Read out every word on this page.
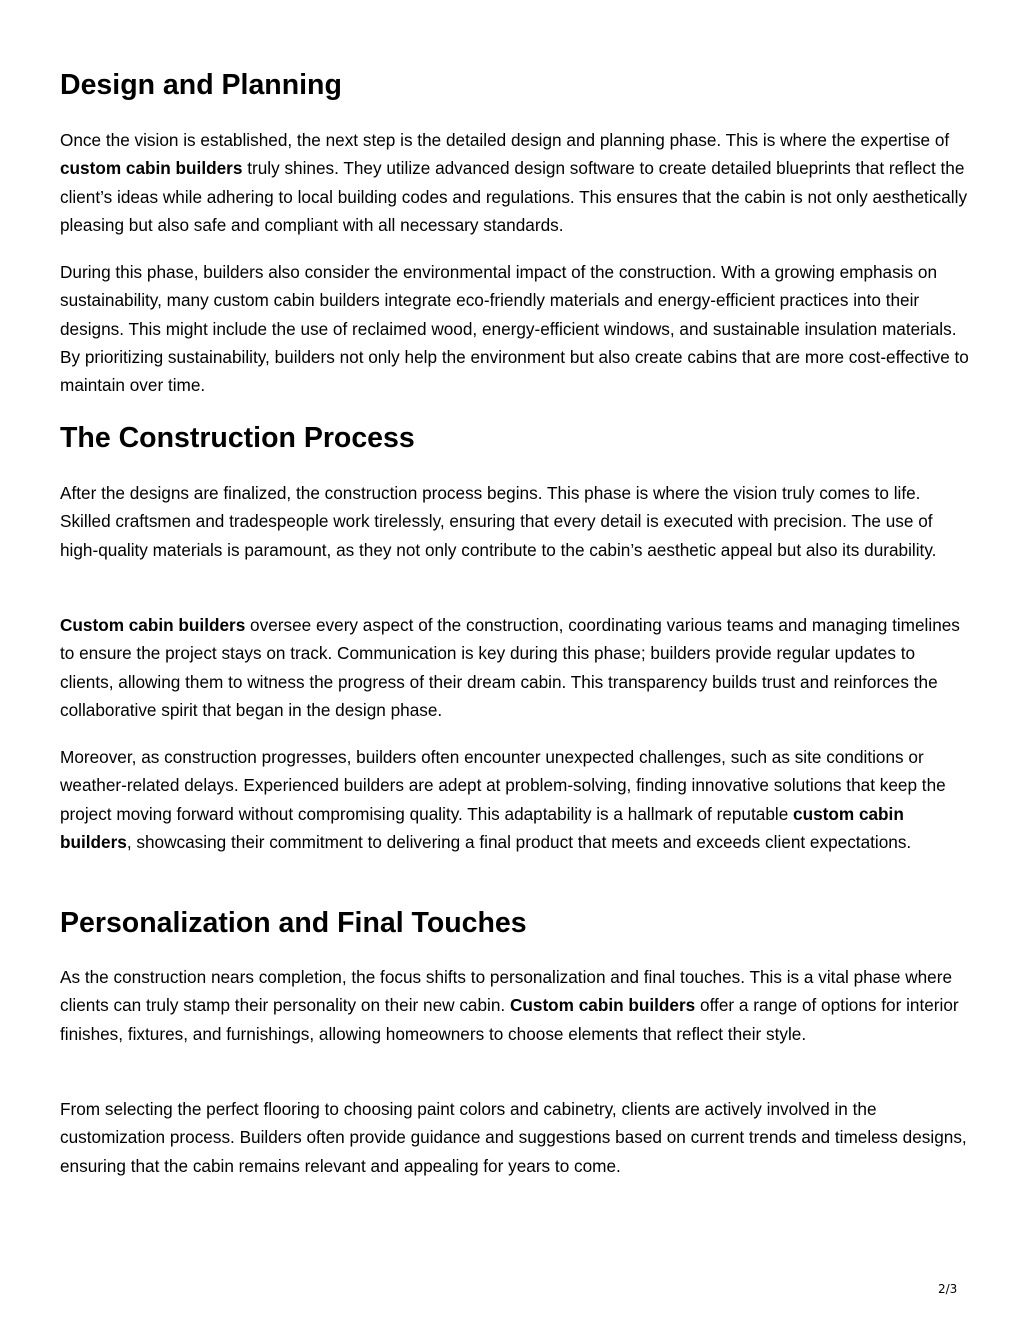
Design and Planning

Once the vision is established, the next step is the detailed design and planning phase. This is where the expertise of custom cabin builders truly shines. They utilize advanced design software to create detailed blueprints that reflect the client’s ideas while adhering to local building codes and regulations. This ensures that the cabin is not only aesthetically pleasing but also safe and compliant with all necessary standards.

During this phase, builders also consider the environmental impact of the construction. With a growing emphasis on sustainability, many custom cabin builders integrate eco-friendly materials and energy-efficient practices into their designs. This might include the use of reclaimed wood, energy-efficient windows, and sustainable insulation materials. By prioritizing sustainability, builders not only help the environment but also create cabins that are more cost-effective to maintain over time.

The Construction Process

After the designs are finalized, the construction process begins. This phase is where the vision truly comes to life. Skilled craftsmen and tradespeople work tirelessly, ensuring that every detail is executed with precision. The use of high-quality materials is paramount, as they not only contribute to the cabin’s aesthetic appeal but also its durability.

Custom cabin builders oversee every aspect of the construction, coordinating various teams and managing timelines to ensure the project stays on track. Communication is key during this phase; builders provide regular updates to clients, allowing them to witness the progress of their dream cabin. This transparency builds trust and reinforces the collaborative spirit that began in the design phase.

Moreover, as construction progresses, builders often encounter unexpected challenges, such as site conditions or weather-related delays. Experienced builders are adept at problem-solving, finding innovative solutions that keep the project moving forward without compromising quality. This adaptability is a hallmark of reputable custom cabin builders, showcasing their commitment to delivering a final product that meets and exceeds client expectations.

Personalization and Final Touches

As the construction nears completion, the focus shifts to personalization and final touches. This is a vital phase where clients can truly stamp their personality on their new cabin. Custom cabin builders offer a range of options for interior finishes, fixtures, and furnishings, allowing homeowners to choose elements that reflect their style.

From selecting the perfect flooring to choosing paint colors and cabinetry, clients are actively involved in the customization process. Builders often provide guidance and suggestions based on current trends and timeless designs, ensuring that the cabin remains relevant and appealing for years to come.

2/3
